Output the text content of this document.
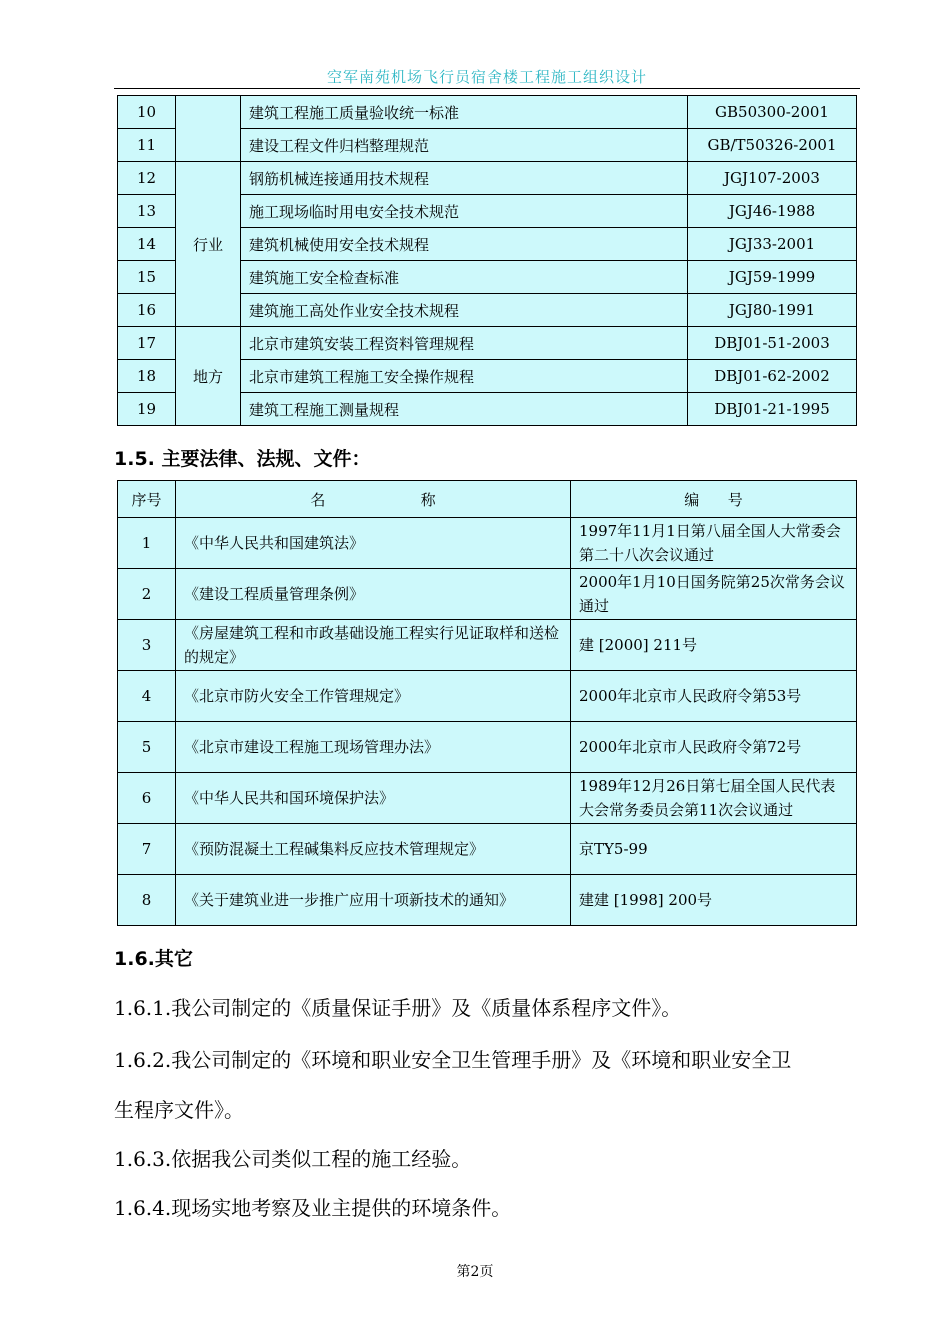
空军南苑机场飞行员宿舍楼工程施工组织设计
10		建筑工程施工质量验收统一标准	GB50300-2001
11		建设工程文件归档整理规范	GB/T50326-2001
12	行业	钢筋机械连接通用技术规程	JGJ107-2003
13		施工现场临时用电安全技术规范	JGJ46-1988
14		建筑机械使用安全技术规程	JGJ33-2001
15		建筑施工安全检查标准	JGJ59-1999
16		建筑施工高处作业安全技术规程	JGJ80-1991
17	地方	北京市建筑安装工程资料管理规程	DBJ01-51-2003
18		北京市建筑工程施工安全操作规程	DBJ01-62-2002
19		建筑工程施工测量规程	DBJ01-21-1995
1.5. 主要法律、法规、文件：
序号	名                    称	编      号
1	《中华人民共和国建筑法》	1997年11月1日第八届全国人大常委会第二十八次会议通过
2	《建设工程质量管理条例》	2000年1月10日国务院第25次常务会议通过
3	《房屋建筑工程和市政基础设施工程实行见证取样和送检的规定》	建 [2000] 211号
4	《北京市防火安全工作管理规定》	2000年北京市人民政府令第53号
5	《北京市建设工程施工现场管理办法》	2000年北京市人民政府令第72号
6	《中华人民共和国环境保护法》	1989年12月26日第七届全国人民代表大会常务委员会第11次会议通过
7	《预防混凝土工程碱集料反应技术管理规定》	京TY5-99
8	《关于建筑业进一步推广应用十项新技术的通知》	建建 [1998] 200号
1.6.其它
1.6.1.我公司制定的《质量保证手册》及《质量体系程序文件》。
1.6.2.我公司制定的《环境和职业安全卫生管理手册》及《环境和职业安全卫
生程序文件》。
1.6.3.依据我公司类似工程的施工经验。
1.6.4.现场实地考察及业主提供的环境条件。
第2页
